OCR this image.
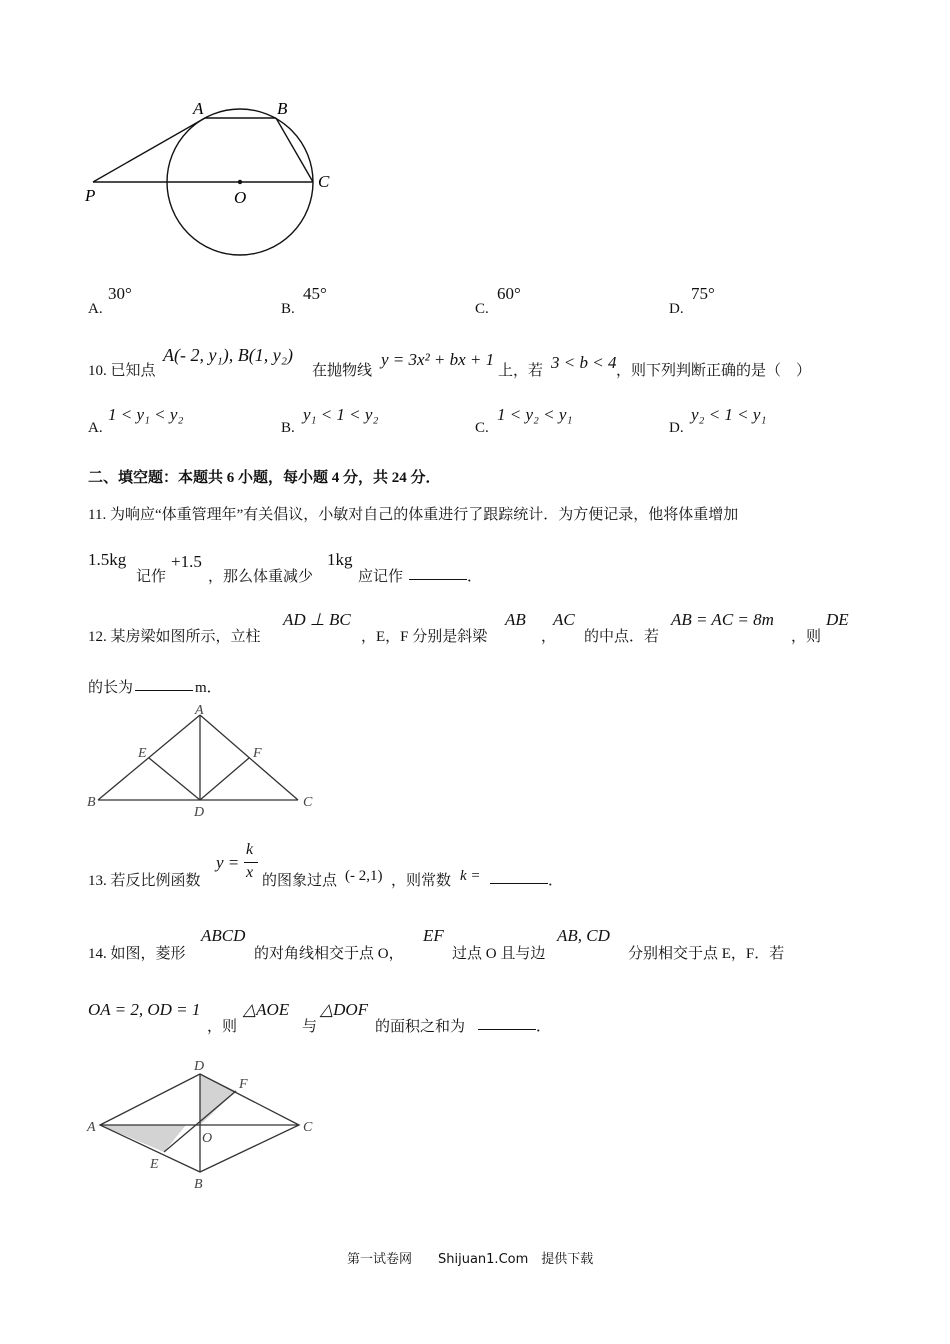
A	B
C
O
P
A.
30°
B.
45°
C.
60°
D.
75°
10. 已知点
A(- 2, y₁), B(1, y₂)
在抛物线
y = 3x² + bx + 1
上，若 3 < b < 4 ，则下列判断正确的是（　）
A.
1 < y₁ < y₂
B.
y₁ < 1 < y₂
C.
1 < y₂ < y₁
D.
y₂ < 1 < y₁
二、填空题：本题共 6 小题，每小题 4 分，共 24 分．
11. 为响应“体重管理年”有关倡议，小敏对自己的体重进行了跟踪统计．为方便记录，他将体重增加
1.5kg
记作
+1.5
，那么体重减少
1kg
应记作	．
12. 某房梁如图所示，立柱
AD ⊥ BC
，E，F 分别是斜梁
AB
，
AC
的中点．若
AB = AC = 8m
，则
DE
的长为	m．
A
B	C
D
E	F
13. 若反比例函数
y =
k
x 的图象过点 (- 2,1) ，则常数 k =	．
14. 如图，菱形
ABCD
的对角线相交于点 O，
EF
过点 O 且与边
AB, CD
分别相交于点 E，F．若
OA = 2, OD = 1
，则
△AOE
与
△DOF
的面积之和为	．
A
B
C
D
E
F
O
第一试卷网　　Shijuan1.Com　提供下载
